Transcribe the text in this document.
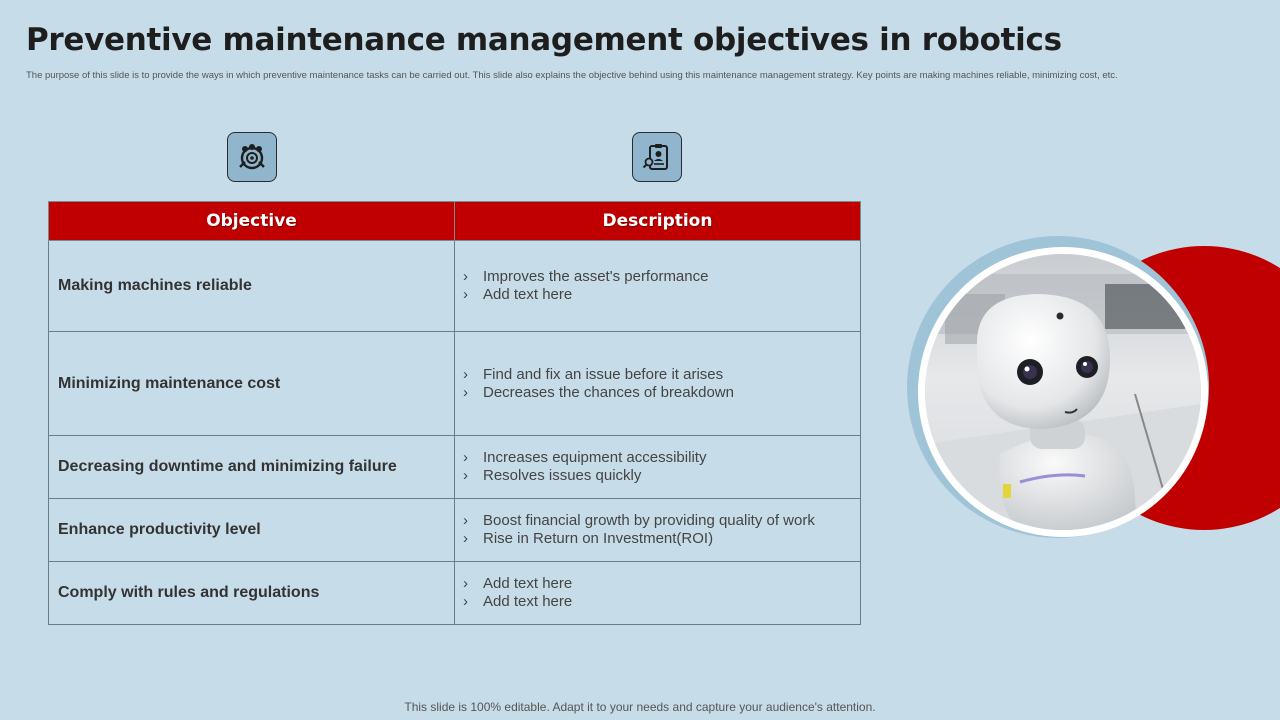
Preventive maintenance management objectives in robotics
The purpose of this slide is to provide the ways in which preventive maintenance tasks can be carried out. This slide also explains the objective behind using this maintenance management strategy. Key points are making machines reliable, minimizing cost, etc.
Objective	Description
Making machines reliable	› Improves the asset's performance
› Add text here

Minimizing maintenance cost	› Find and fix an issue before it arises
› Decreases the chances of breakdown

Decreasing downtime and minimizing failure	› Increases equipment accessibility
› Resolves issues quickly

Enhance productivity level	› Boost financial growth by providing quality of work
› Rise in Return on Investment(ROI)

Comply with rules and regulations	› Add text here
› Add text here
This slide is 100% editable. Adapt it to your needs and capture your audience's attention.
